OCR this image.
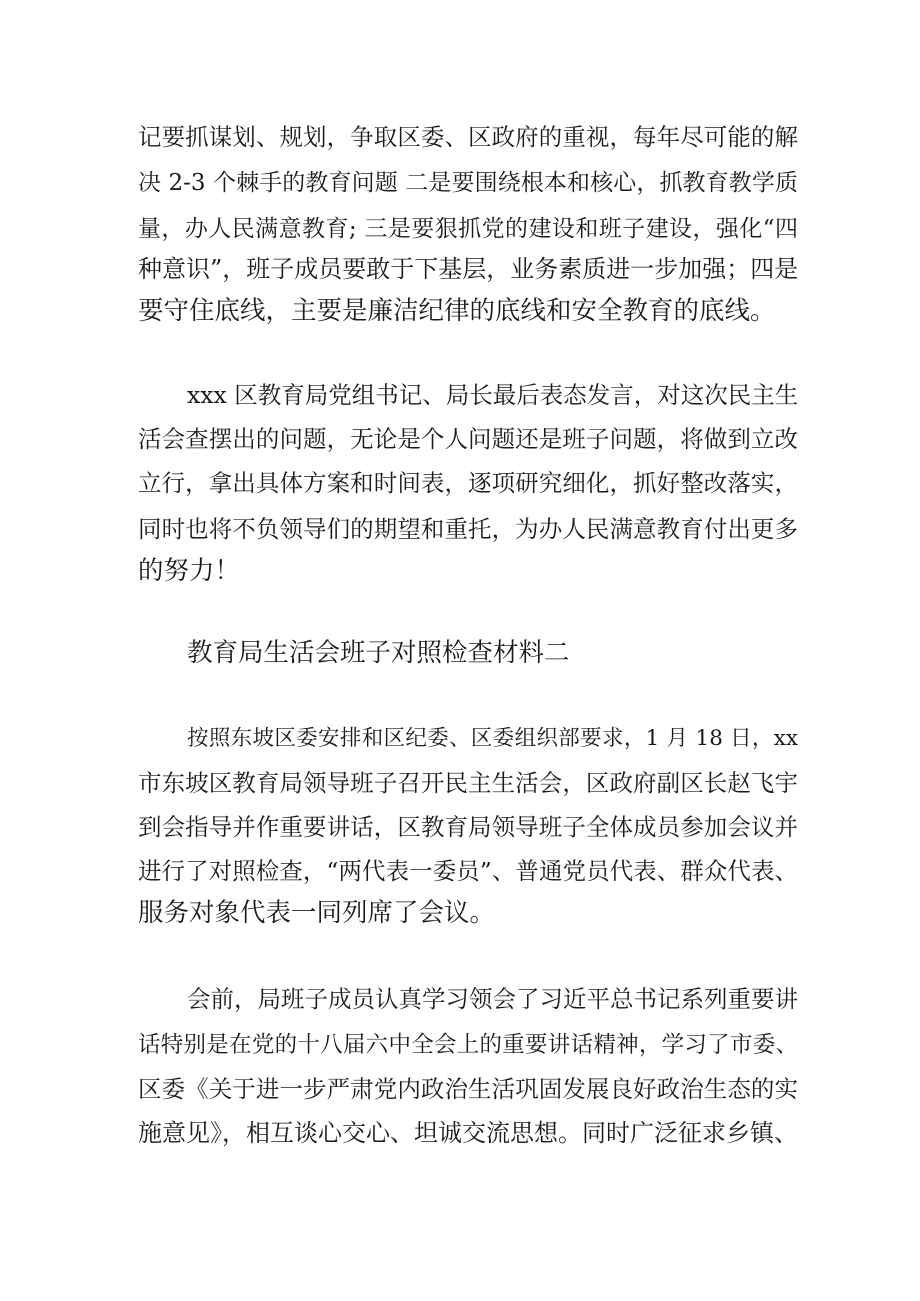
记要抓谋划、规划，争取区委、区政府的重视，每年尽可能的解
决 2-3 个棘手的教育问题 二是要围绕根本和核心，抓教育教学质
量，办人民满意教育; 三是要狠抓党的建设和班子建设，强化“四
种意识”，班子成员要敢于下基层，业务素质进一步加强；四是
要守住底线，主要是廉洁纪律的底线和安全教育的底线。
xxx 区教育局党组书记、局长最后表态发言，对这次民主生
活会查摆出的问题，无论是个人问题还是班子问题，将做到立改
立行，拿出具体方案和时间表，逐项研究细化，抓好整改落实，
同时也将不负领导们的期望和重托，为办人民满意教育付出更多
的努力！
教育局生活会班子对照检查材料二
按照东坡区委安排和区纪委、区委组织部要求，1 月 18 日，xx
市东坡区教育局领导班子召开民主生活会，区政府副区长赵飞宇
到会指导并作重要讲话，区教育局领导班子全体成员参加会议并
进行了对照检查，“两代表一委员”、普通党员代表、群众代表、
服务对象代表一同列席了会议。
会前，局班子成员认真学习领会了习近平总书记系列重要讲
话特别是在党的十八届六中全会上的重要讲话精神，学习了市委、
区委《关于进一步严肃党内政治生活巩固发展良好政治生态的实
施意见》，相互谈心交心、坦诚交流思想。同时广泛征求乡镇、
